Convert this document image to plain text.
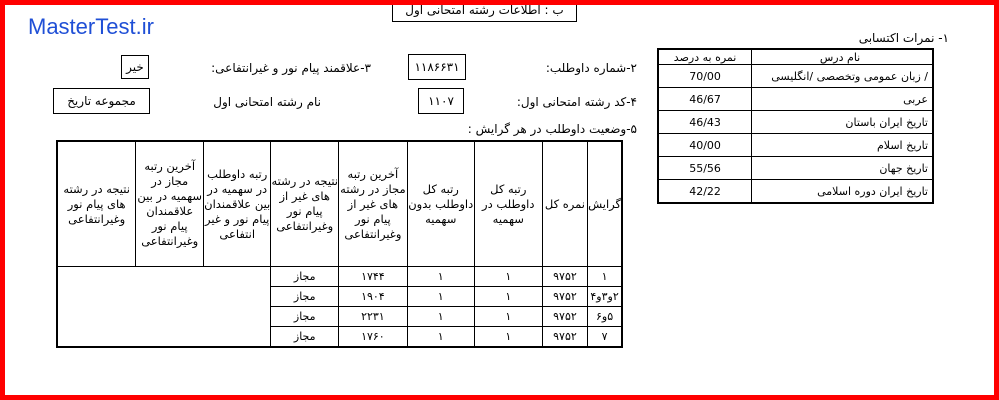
MasterTest.ir
ب : اطلاعات رشته امتحانی اول
۱- نمرات اکتسابی
نام درس	نمره به درصد
/ زبان عمومی وتخصصی /انگلیسی	70/00
عربی	46/67
تاریخ ایران باستان	46/43
تاریخ اسلام	40/00
تاریخ جهان	55/56
تاریخ ایران دوره اسلامی	42/22
۲-شماره داوطلب:
۱۱۸۶۶۳۱
۳-علاقمند پیام نور و غیرانتفاعی:
خیر
۴-کد رشته امتحانی اول:
۱۱۰۷
نام رشته امتحانی اول
مجموعه تاریخ
۵-وضعیت داوطلب در هر گرایش :
گرایش	نمره کل	رتبه کل داوطلب در سهمیه	رتبه کل داوطلب بدون سهمیه	آخرین رتبه مجاز در رشته های غیر از پیام نور وغیرانتفاعی	نتیجه در رشته های غیر از پیام نور وغیرانتفاعی	رتبه داوطلب در سهمیه در بین علاقمندان پیام نور و غیر انتفاعی	آخرین رتبه مجاز در سهمیه در بین علاقمندان پیام نور وغیرانتفاعی	نتیجه در رشته های پیام نور وغیرانتفاعی
۱	۹۷۵۲	۱	۱	۱۷۴۴	مجاز			
۲و۳و۴	۹۷۵۲	۱	۱	۱۹۰۴	مجاز			
۵و۶	۹۷۵۲	۱	۱	۲۲۳۱	مجاز			
۷	۹۷۵۲	۱	۱	۱۷۶۰	مجاز			
